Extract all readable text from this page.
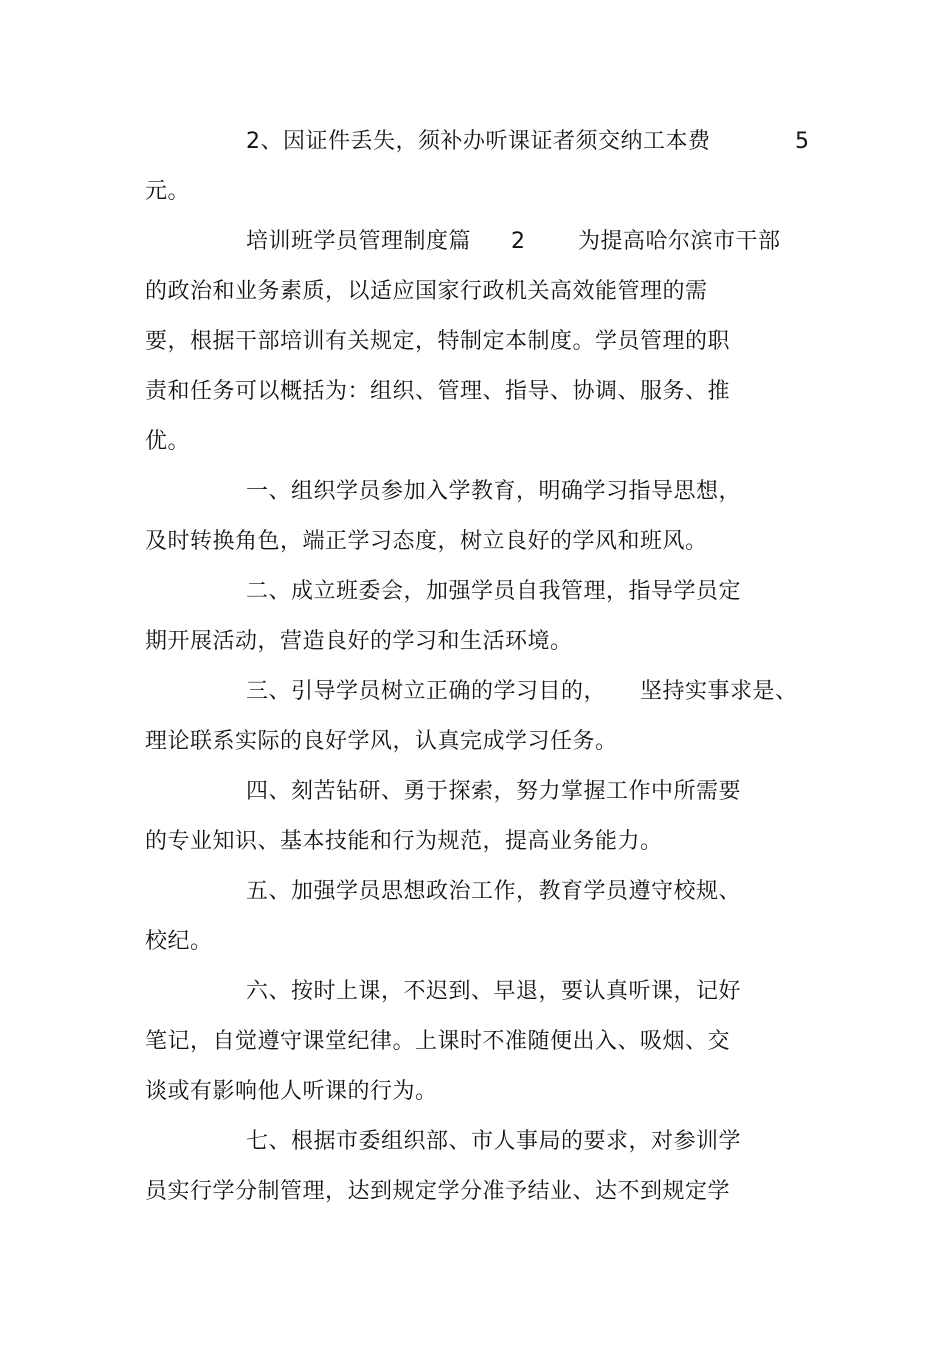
2、因证件丢失，须补办听课证者须交纳工本费	5
元。
培训班学员管理制度篇 2 为提高哈尔滨市干部
的政治和业务素质，以适应国家行政机关高效能管理的需
要，根据干部培训有关规定，特制定本制度。学员管理的职
责和任务可以概括为：组织、管理、指导、协调、服务、推
优。
一、组织学员参加入学教育，明确学习指导思想，
及时转换角色，端正学习态度，树立良好的学风和班风。
二、成立班委会，加强学员自我管理，指导学员定
期开展活动，营造良好的学习和生活环境。
三、引导学员树立正确的学习目的， 坚持实事求是、
理论联系实际的良好学风，认真完成学习任务。
四、刻苦钻研、勇于探索，努力掌握工作中所需要
的专业知识、基本技能和行为规范，提高业务能力。
五、加强学员思想政治工作，教育学员遵守校规、
校纪。
六、按时上课，不迟到、早退，要认真听课，记好
笔记，自觉遵守课堂纪律。上课时不准随便出入、吸烟、交
谈或有影响他人听课的行为。
七、根据市委组织部、市人事局的要求，对参训学
员实行学分制管理，达到规定学分准予结业、达不到规定学
